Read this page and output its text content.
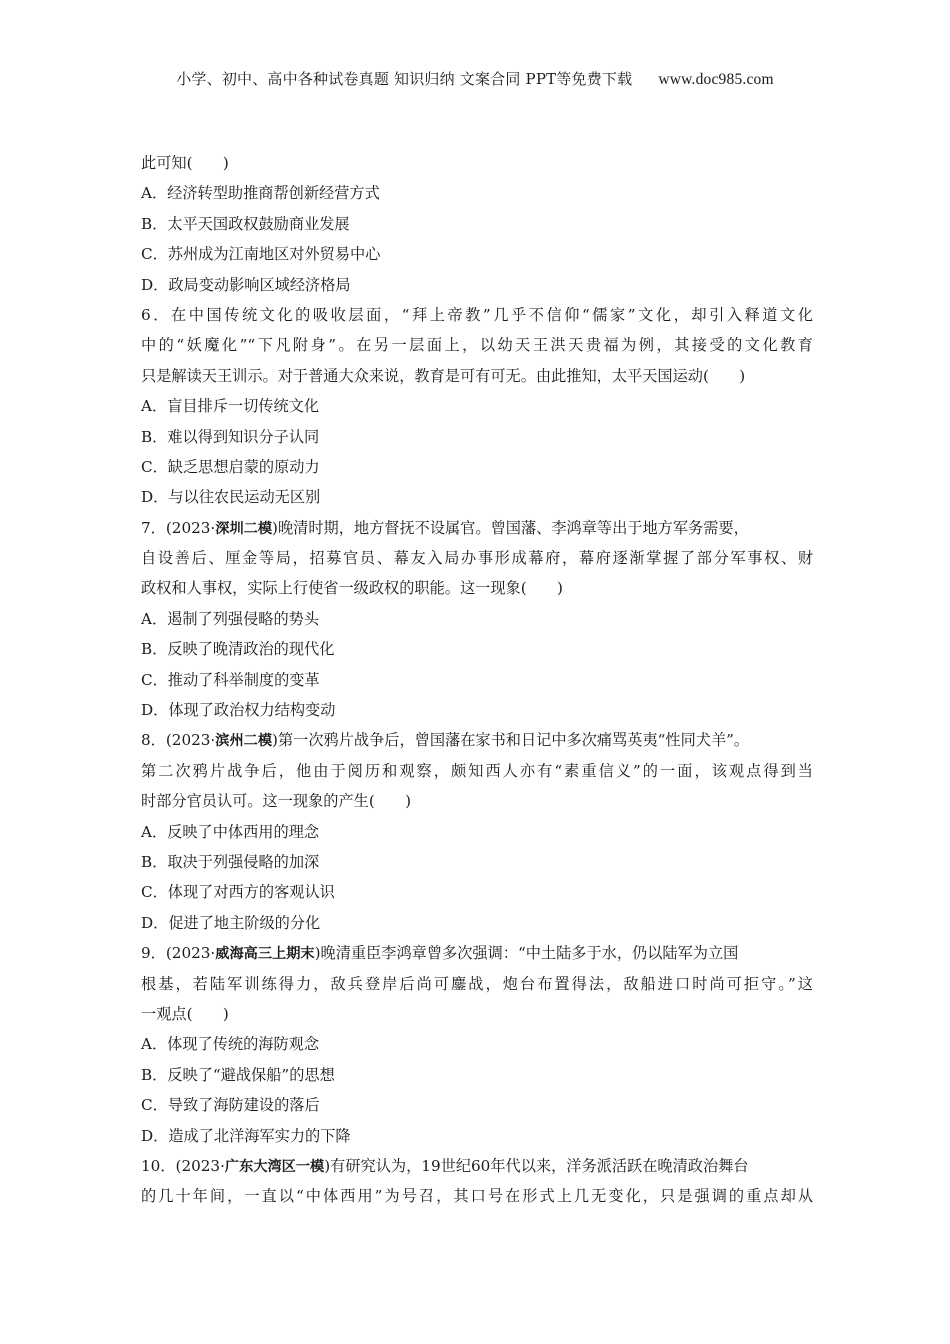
小学、初中、高中各种试卷真题 知识归纳 文案合同 PPT等免费下载 www.doc985.com
此可知(　　)
A．经济转型助推商帮创新经营方式
B．太平天国政权鼓励商业发展
C．苏州成为江南地区对外贸易中心
D．政局变动影响区域经济格局
6．在中国传统文化的吸收层面，“拜上帝教”几乎不信仰“儒家”文化，却引入释道文化
中的“妖魔化”“下凡附身”。在另一层面上，以幼天王洪天贵福为例，其接受的文化教育
只是解读天王训示。对于普通大众来说，教育是可有可无。由此推知，太平天国运动(　　)
A．盲目排斥一切传统文化
B．难以得到知识分子认同
C．缺乏思想启蒙的原动力
D．与以往农民运动无区别
7．(2023·深圳二模)晚清时期，地方督抚不设属官。曾国藩、李鸿章等出于地方军务需要，
自设善后、厘金等局，招募官员、幕友入局办事形成幕府，幕府逐渐掌握了部分军事权、财
政权和人事权，实际上行使省一级政权的职能。这一现象(　　)
A．遏制了列强侵略的势头
B．反映了晚清政治的现代化
C．推动了科举制度的变革
D．体现了政治权力结构变动
8．(2023·滨州二模)第一次鸦片战争后，曾国藩在家书和日记中多次痛骂英夷“性同犬羊”。
第二次鸦片战争后，他由于阅历和观察，颇知西人亦有“素重信义”的一面，该观点得到当
时部分官员认可。这一现象的产生(　　)
A．反映了中体西用的理念
B．取决于列强侵略的加深
C．体现了对西方的客观认识
D．促进了地主阶级的分化
9．(2023·威海高三上期末)晚清重臣李鸿章曾多次强调：“中土陆多于水，仍以陆军为立国
根基，若陆军训练得力，敌兵登岸后尚可鏖战，炮台布置得法，敌船进口时尚可拒守。”这
一观点(　　)
A．体现了传统的海防观念
B．反映了“避战保船”的思想
C．导致了海防建设的落后
D．造成了北洋海军实力的下降
10．(2023·广东大湾区一模)有研究认为，19世纪60年代以来，洋务派活跃在晚清政治舞台
的几十年间，一直以“中体西用”为号召，其口号在形式上几无变化，只是强调的重点却从
